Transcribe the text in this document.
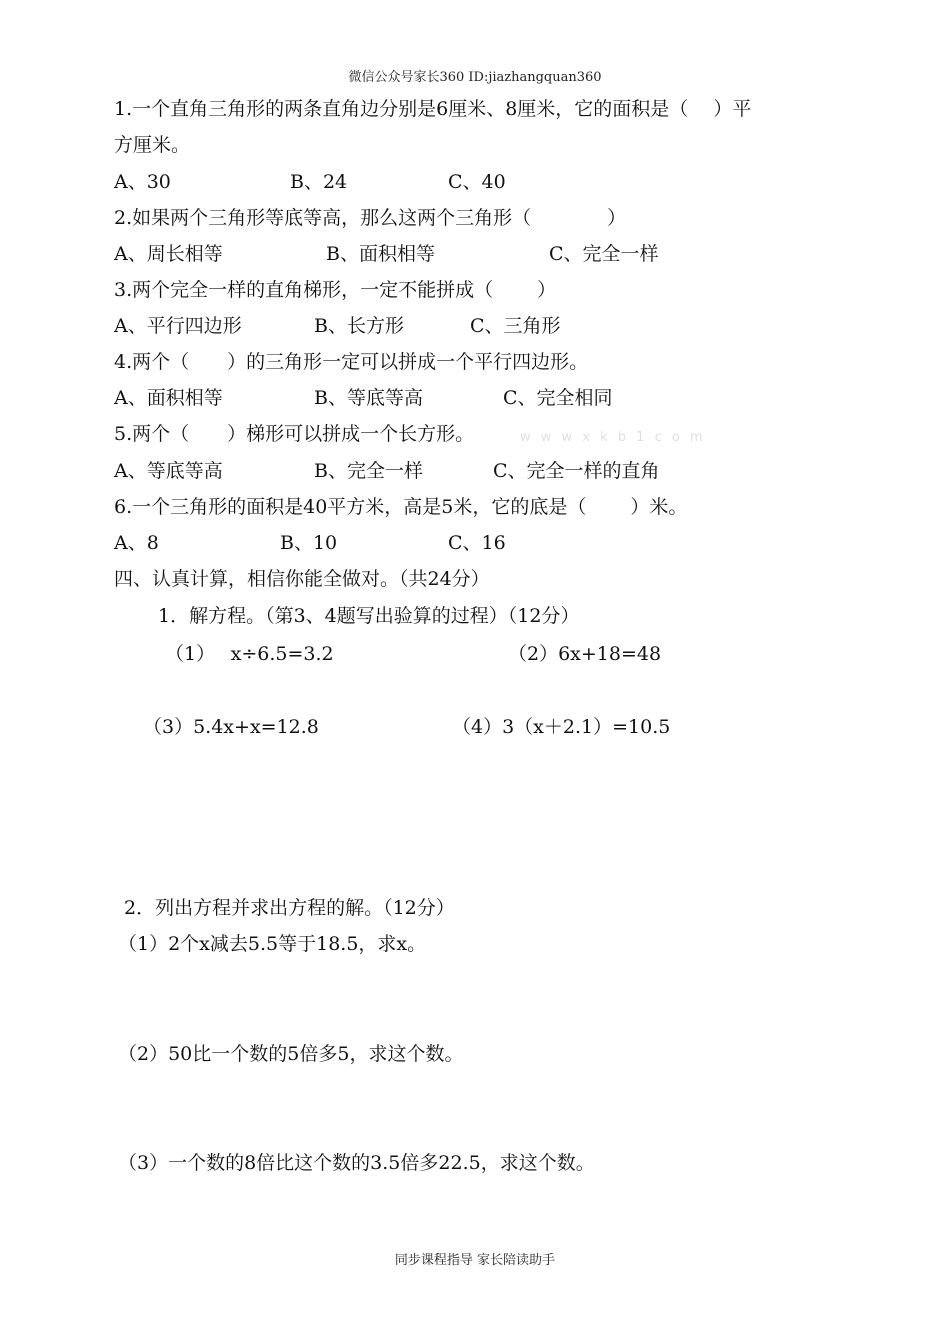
微信公众号家长360 ID:jiazhangquan360
w w w x k b 1 c o m
1.一个直角三角形的两条直角边分别是6厘米、8厘米，它的面积是（　 ）平
方厘米。
A、30	B、24	C、40
2.如果两个三角形等底等高，那么这两个三角形（　　　　）
A、周长相等	B、面积相等	C、完全一样
3.两个完全一样的直角梯形，一定不能拼成（　　 ）
A、平行四边形	B、长方形	C、三角形
4.两个（　　）的三角形一定可以拼成一个平行四边形。
A、面积相等	B、等底等高	C、完全相同
5.两个（　　）梯形可以拼成一个长方形。
A、等底等高	B、完全一样	C、完全一样的直角
6.一个三角形的面积是40平方米，高是5米，它的底是（　　 ）米。
A、8	B、10	C、16
四、认真计算，相信你能全做对。（共24分）
1．解方程。（第3、4题写出验算的过程）（12分）
（1）　 x÷6.5=3.2	（2）6x+18=48
（3）5.4x+x=12.8	（4）3（x＋2.1）=10.5
2．列出方程并求出方程的解。（12分）
（1）2个x减去5.5等于18.5，求x。
（2）50比一个数的5倍多5，求这个数。
（3）一个数的8倍比这个数的3.5倍多22.5，求这个数。
同步课程指导 家长陪读助手
